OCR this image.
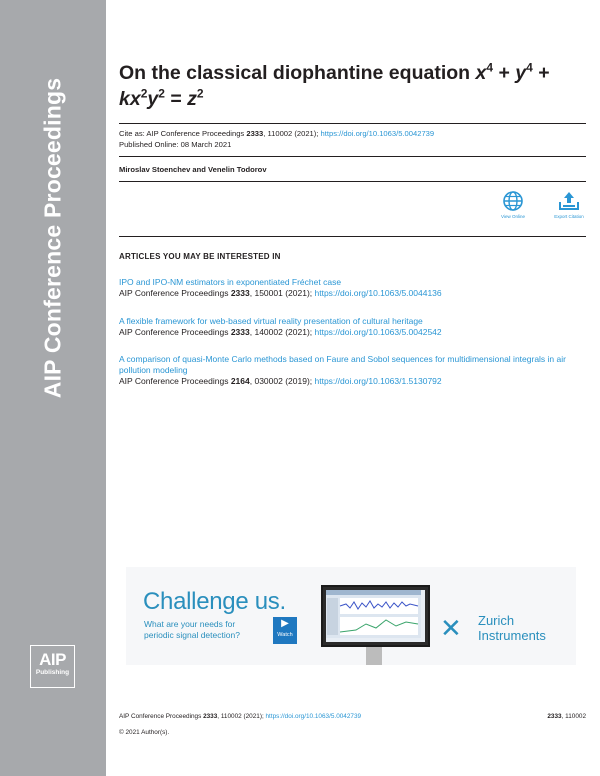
AIP Conference Proceedings
AIP
Publishing
On the classical diophantine equation $x^4 + y^4 + kx^2y^2 = z^2$
Cite as: AIP Conference Proceedings 2333, 110002 (2021); https://doi.org/10.1063/5.0042739
Published Online: 08 March 2021
Miroslav Stoenchev and Venelin Todorov
View Online	Export Citation
ARTICLES YOU MAY BE INTERESTED IN
IPO and IPO-NM estimators in exponentiated Fréchet case
AIP Conference Proceedings 2333, 150001 (2021); https://doi.org/10.1063/5.0044136
A flexible framework for web-based virtual reality presentation of cultural heritage
AIP Conference Proceedings 2333, 140002 (2021); https://doi.org/10.1063/5.0042542
A comparison of quasi-Monte Carlo methods based on Faure and Sobol sequences for multidimensional integrals in air pollution modeling
AIP Conference Proceedings 2164, 030002 (2019); https://doi.org/10.1063/1.5130792
Challenge us.
What are your needs for
periodic signal detection?
▶
Watch	✕ Zurich
Instruments
AIP Conference Proceedings 2333, 110002 (2021); https://doi.org/10.1063/5.0042739	2333, 110002
© 2021 Author(s).
